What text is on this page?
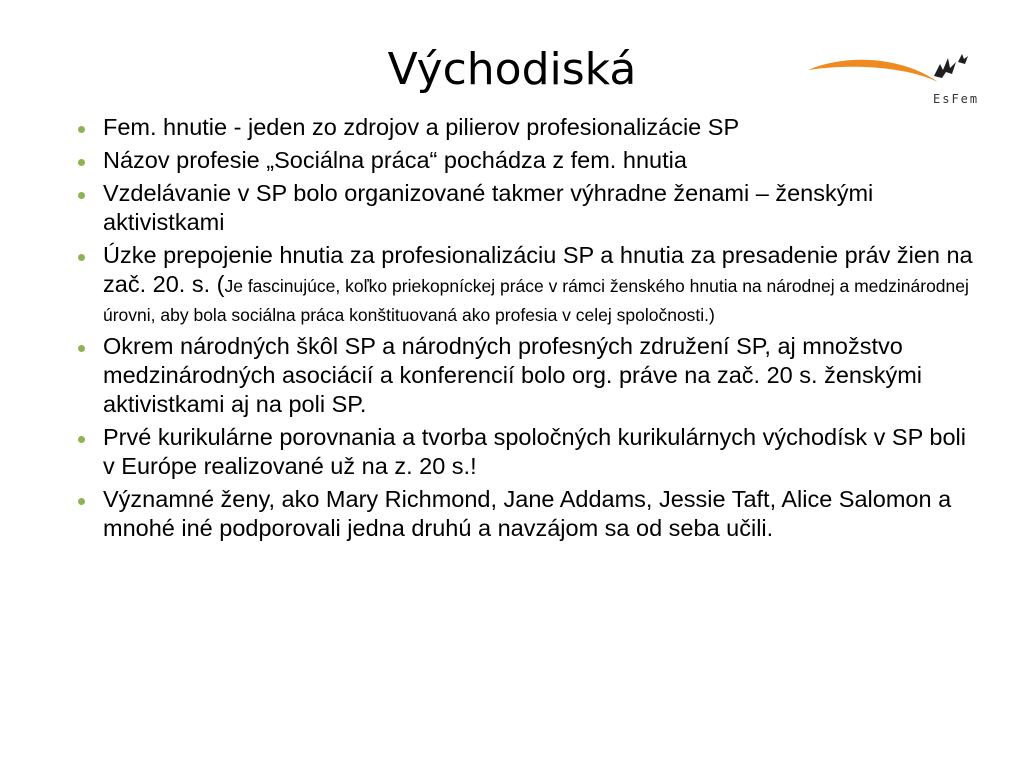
Východiská
EsFem
Fem. hnutie - jeden zo zdrojov a pilierov profesionalizácie SP
Názov profesie „Sociálna práca“ pochádza z fem. hnutia
Vzdelávanie v SP bolo organizované takmer výhradne ženami – ženskými aktivistkami
Úzke prepojenie hnutia za profesionalizáciu SP a hnutia za presadenie práv žien na zač. 20. s. (Je fascinujúce, koľko priekopníckej práce v rámci ženského hnutia na národnej a medzinárodnej úrovni, aby bola sociálna práca konštituovaná ako profesia v celej spoločnosti.)
Okrem národných škôl SP a národných profesných združení SP, aj množstvo medzinárodných asociácií a konferencií bolo org. práve na zač. 20 s. ženskými aktivistkami aj na poli SP.
Prvé kurikulárne porovnania a tvorba spoločných kurikulárnych východísk v SP boli v Európe realizované už na z. 20 s.!
Významné ženy, ako Mary Richmond, Jane Addams, Jessie Taft, Alice Salomon a mnohé iné podporovali jedna druhú a navzájom sa od seba učili.
